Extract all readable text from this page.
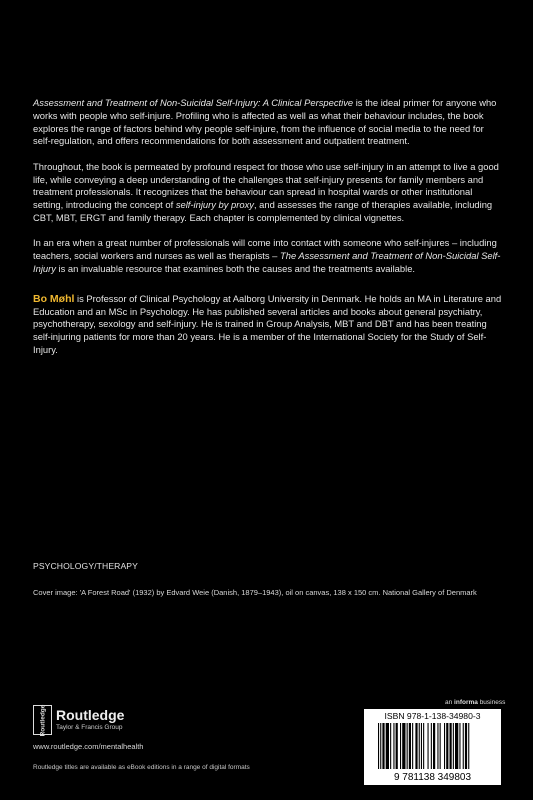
Assessment and Treatment of Non-Suicidal Self-Injury: A Clinical Perspective is the ideal primer for anyone who works with people who self-injure. Profiling who is affected as well as what their behaviour includes, the book explores the range of factors behind why people self-injure, from the influence of social media to the need for self-regulation, and offers recommendations for both assessment and outpatient treatment.

Throughout, the book is permeated by profound respect for those who use self-injury in an attempt to live a good life, while conveying a deep understanding of the challenges that self-injury presents for family members and treatment professionals. It recognizes that the behaviour can spread in hospital wards or other institutional setting, introducing the concept of self-injury by proxy, and assesses the range of therapies available, including CBT, MBT, ERGT and family therapy. Each chapter is complemented by clinical vignettes.

In an era when a great number of professionals will come into contact with someone who self-injures – including teachers, social workers and nurses as well as therapists – The Assessment and Treatment of Non-Suicidal Self-Injury is an invaluable resource that examines both the causes and the treatments available.

Bo Møhl is Professor of Clinical Psychology at Aalborg University in Denmark. He holds an MA in Literature and Education and an MSc in Psychology. He has published several articles and books about general psychiatry, psychotherapy, sexology and self-injury. He is trained in Group Analysis, MBT and DBT and has been treating self-injuring patients for more than 20 years. He is a member of the International Society for the Study of Self-Injury.

PSYCHOLOGY/THERAPY
Cover image: 'A Forest Road' (1932) by Edvard Weie (Danish, 1879–1943), oil on canvas, 138 x 150 cm. National Gallery of Denmark
Routledge Routledge
Taylor & Francis Group
www.routledge.com/mentalhealth
Routledge titles are available as eBook editions in a range of digital formats
an informa business
ISBN 978-1-138-34980-3
9 781138 349803
